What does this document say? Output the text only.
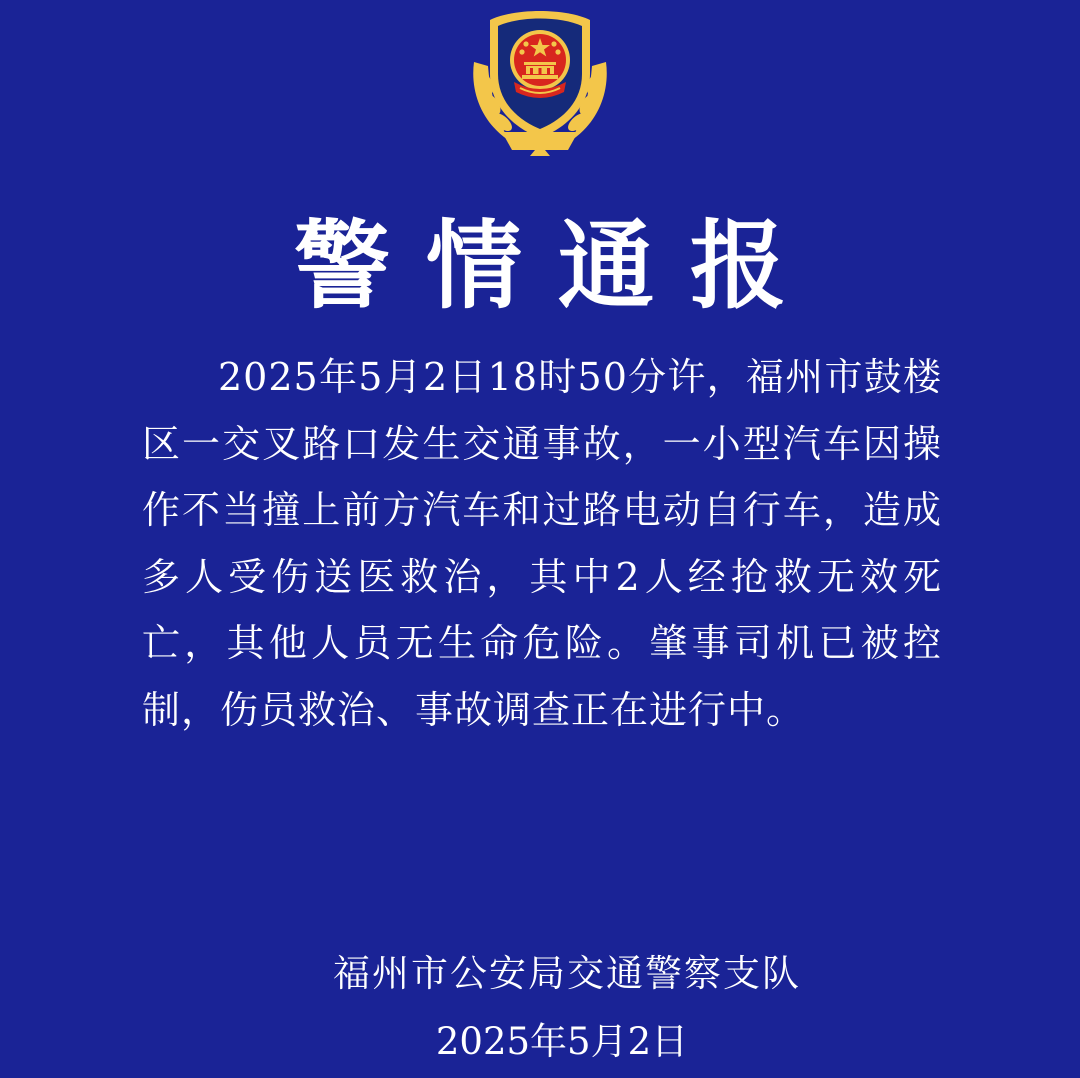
警情通报

2025年5月2日18时50分许，福州市鼓楼区一交叉路口发生交通事故，一小型汽车因操作不当撞上前方汽车和过路电动自行车，造成多人受伤送医救治，其中2人经抢救无效死亡，其他人员无生命危险。肇事司机已被控制，伤员救治、事故调查正在进行中。

福州市公安局交通警察支队
2025年5月2日
